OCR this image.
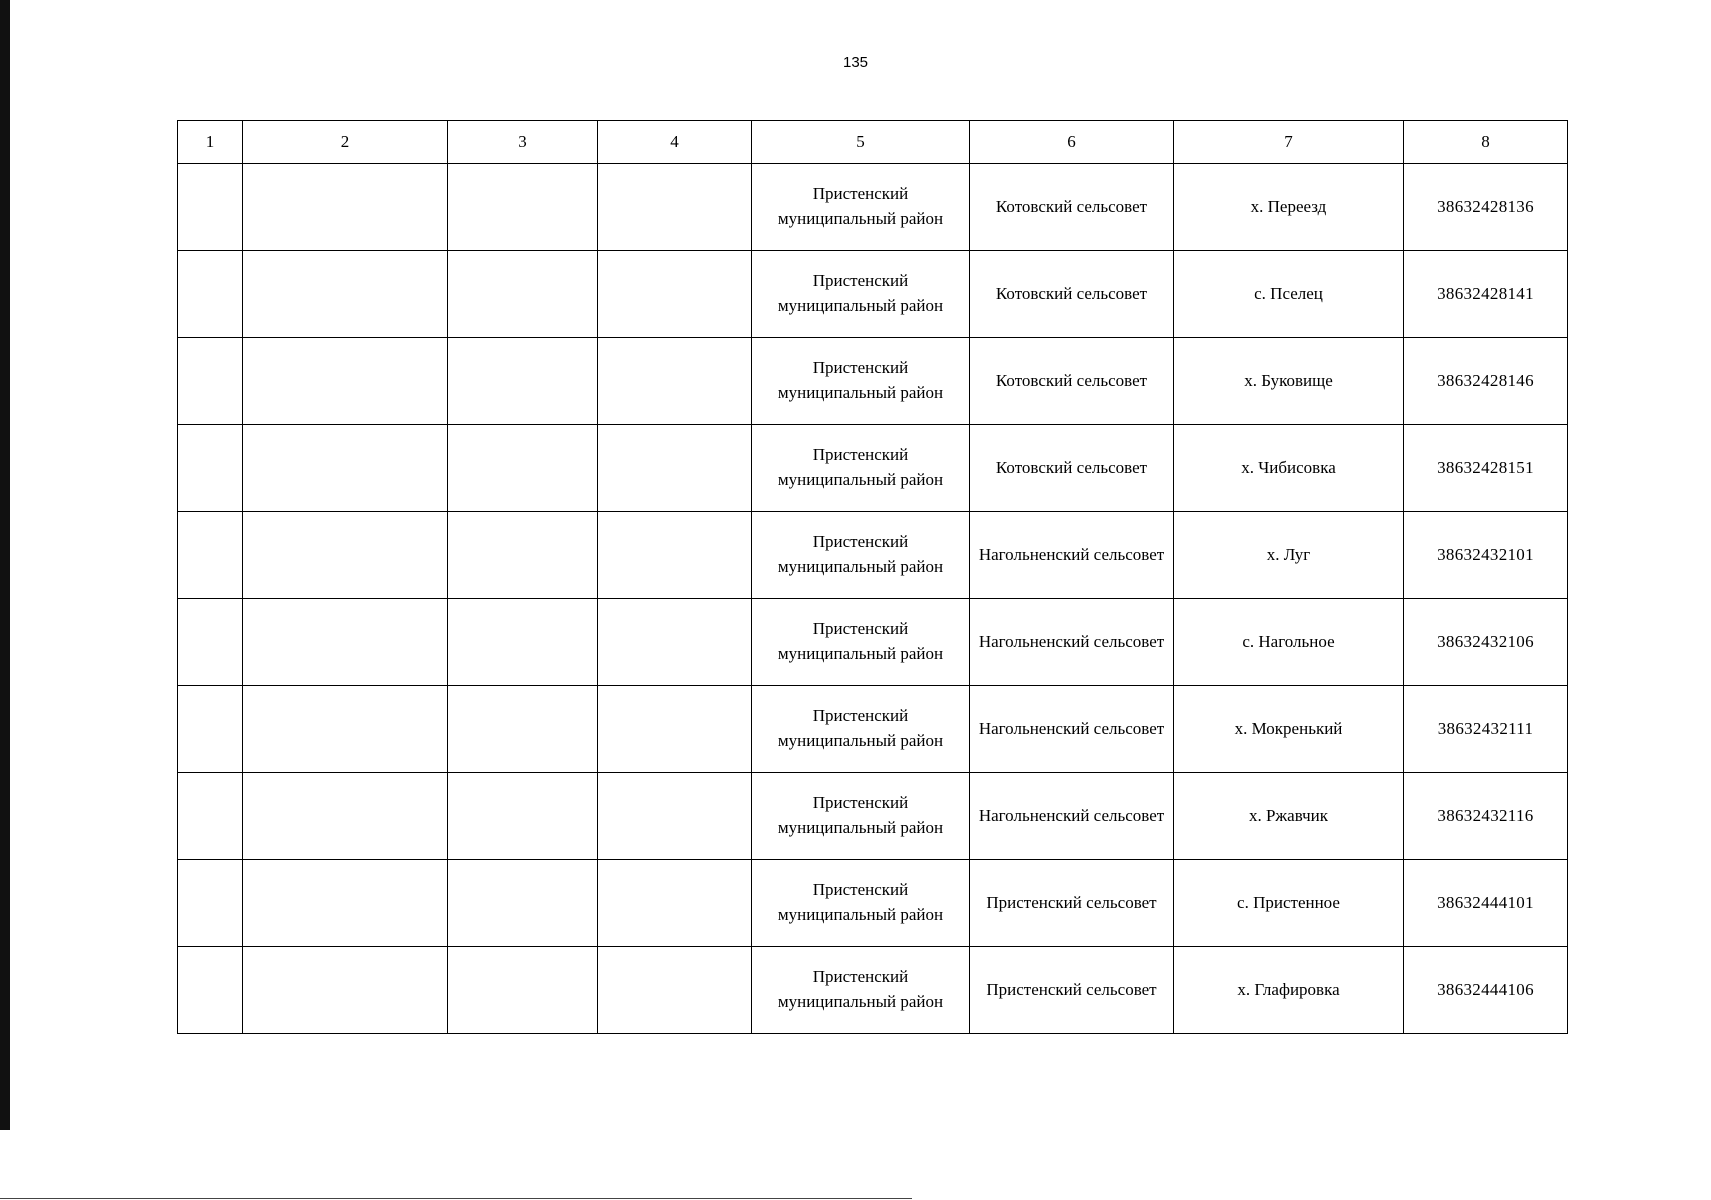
135
1	2	3	4	5	6	7	8
				Пристенский муниципальный район	Котовский сельсовет	х. Переезд	38632428136
				Пристенский муниципальный район	Котовский сельсовет	с. Пселец	38632428141
				Пристенский муниципальный район	Котовский сельсовет	х. Буковище	38632428146
				Пристенский муниципальный район	Котовский сельсовет	х. Чибисовка	38632428151
				Пристенский муниципальный район	Нагольненский сельсовет	х. Луг	38632432101
				Пристенский муниципальный район	Нагольненский сельсовет	с. Нагольное	38632432106
				Пристенский муниципальный район	Нагольненский сельсовет	х. Мокренький	38632432111
				Пристенский муниципальный район	Нагольненский сельсовет	х. Ржавчик	38632432116
				Пристенский муниципальный район	Пристенский сельсовет	с. Пристенное	38632444101
				Пристенский муниципальный район	Пристенский сельсовет	х. Глафировка	38632444106
